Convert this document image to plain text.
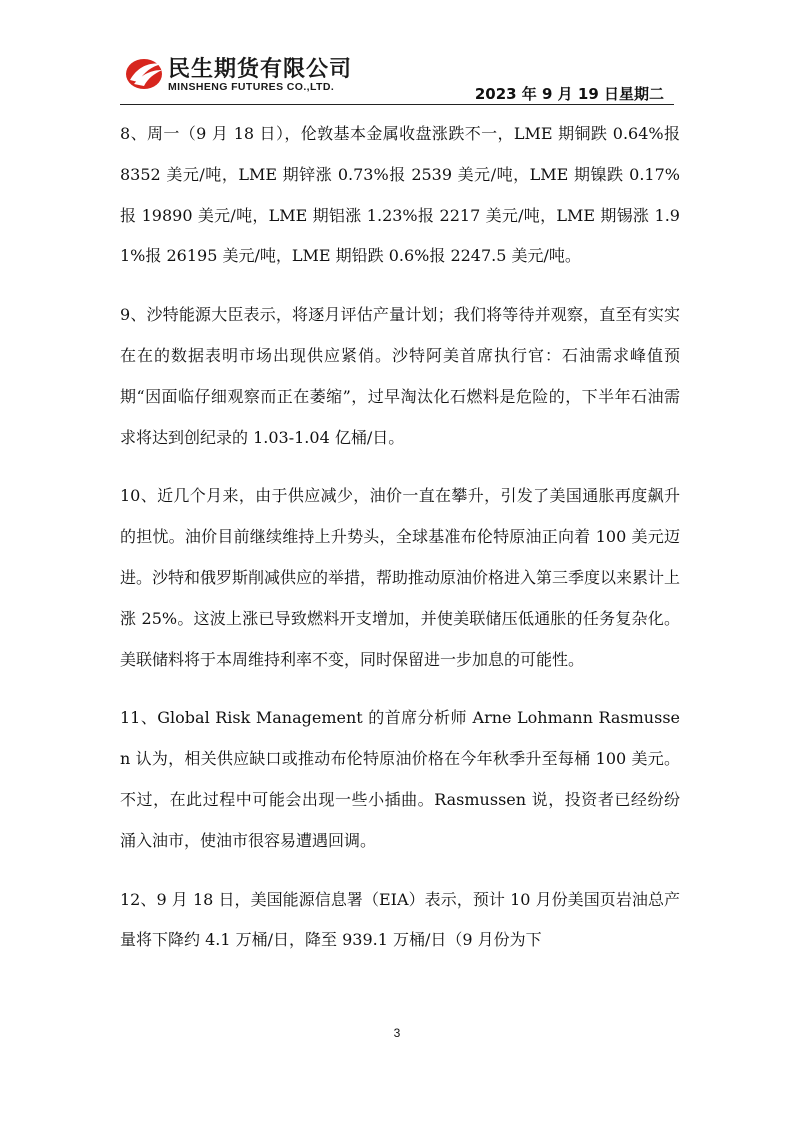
民生期货有限公司
MINSHENG FUTURES CO.,LTD.	2023 年 9 月 19 日星期二

8、周一（9 月 18 日），伦敦基本金属收盘涨跌不一，LME 期铜跌 0.64%报 8352 美元/吨，LME 期锌涨 0.73%报 2539 美元/吨，LME 期镍跌 0.17%报 19890 美元/吨，LME 期铝涨 1.23%报 2217 美元/吨，LME 期锡涨 1.91%报 26195 美元/吨，LME 期铅跌 0.6%报 2247.5 美元/吨。

9、沙特能源大臣表示，将逐月评估产量计划；我们将等待并观察，直至有实实在在的数据表明市场出现供应紧俏。沙特阿美首席执行官：石油需求峰值预期“因面临仔细观察而正在萎缩”，过早淘汰化石燃料是危险的，下半年石油需求将达到创纪录的 1.03-1.04 亿桶/日。

10、近几个月来，由于供应减少，油价一直在攀升，引发了美国通胀再度飙升的担忧。油价目前继续维持上升势头，全球基准布伦特原油正向着 100 美元迈进。沙特和俄罗斯削减供应的举措，帮助推动原油价格进入第三季度以来累计上涨 25%。这波上涨已导致燃料开支增加，并使美联储压低通胀的任务复杂化。美联储料将于本周维持利率不变，同时保留进一步加息的可能性。

11、Global Risk Management 的首席分析师 Arne Lohmann Rasmussen 认为，相关供应缺口或推动布伦特原油价格在今年秋季升至每桶 100 美元。不过，在此过程中可能会出现一些小插曲。Rasmussen 说，投资者已经纷纷涌入油市，使油市很容易遭遇回调。

12、9 月 18 日，美国能源信息署（EIA）表示，预计 10 月份美国页岩油总产量将下降约 4.1 万桶/日，降至 939.1 万桶/日（9 月份为下

3
